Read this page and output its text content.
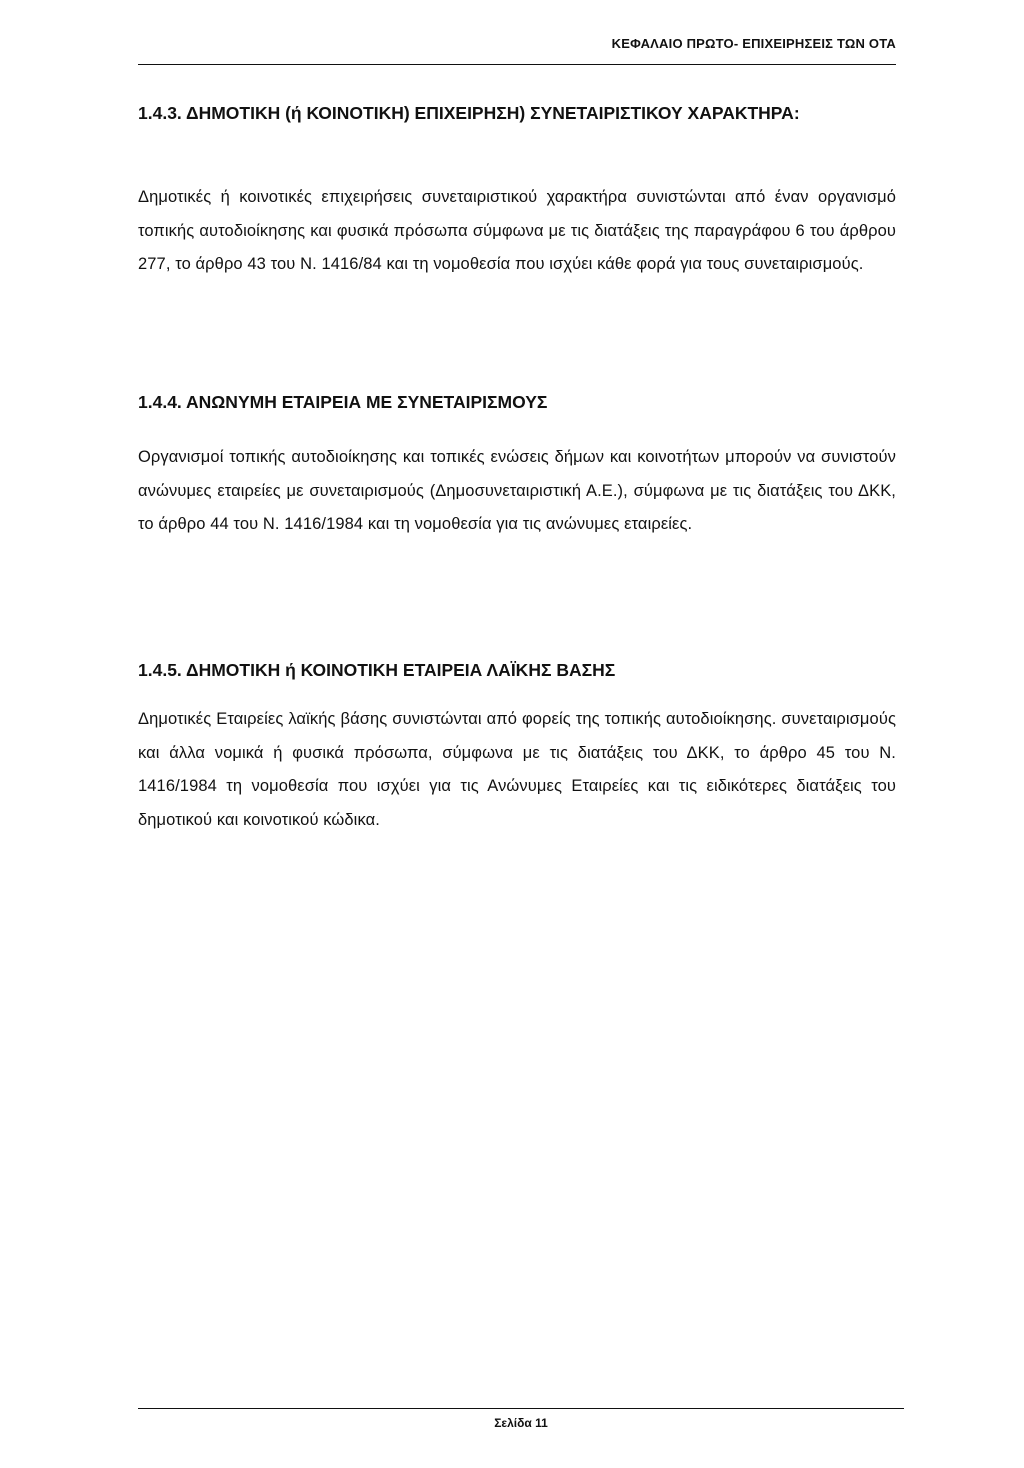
ΚΕΦΑΛΑΙΟ ΠΡΩΤΟ- ΕΠΙΧΕΙΡΗΣΕΙΣ ΤΩΝ ΟΤΑ
1.4.3. ΔΗΜΟΤΙΚΗ (ή ΚΟΙΝΟΤΙΚΗ) ΕΠΙΧΕΙΡΗΣΗ) ΣΥΝΕΤΑΙΡΙΣΤΙΚΟΥ ΧΑΡΑΚΤΗΡΑ:

Δημοτικές ή κοινοτικές επιχειρήσεις συνεταιριστικού χαρακτήρα συνιστώνται από έναν οργανισμό τοπικής αυτοδιοίκησης και φυσικά πρόσωπα σύμφωνα με τις διατάξεις της παραγράφου 6 του άρθρου 277, το άρθρο 43 του Ν. 1416/84 και τη νομοθεσία που ισχύει κάθε φορά για τους συνεταιρισμούς.

1.4.4. ΑΝΩΝΥΜΗ ΕΤΑΙΡΕΙΑ ΜΕ ΣΥΝΕΤΑΙΡΙΣΜΟΥΣ

Οργανισμοί τοπικής αυτοδιοίκησης και τοπικές ενώσεις δήμων και κοινοτήτων μπορούν να συνιστούν ανώνυμες εταιρείες με συνεταιρισμούς (Δημοσυνεταιριστική Α.Ε.), σύμφωνα με τις διατάξεις του ΔΚΚ, το άρθρο 44 του Ν. 1416/1984 και τη νομοθεσία για τις ανώνυμες εταιρείες.

1.4.5. ΔΗΜΟΤΙΚΗ ή ΚΟΙΝΟΤΙΚΗ ΕΤΑΙΡΕΙΑ ΛΑΪΚΗΣ ΒΑΣΗΣ

Δημοτικές Εταιρείες λαϊκής βάσης συνιστώνται από φορείς της τοπικής αυτοδιοίκησης. συνεταιρισμούς και άλλα νομικά ή φυσικά πρόσωπα, σύμφωνα με τις διατάξεις του ΔΚΚ, το άρθρο 45 του Ν. 1416/1984 τη νομοθεσία που ισχύει για τις Ανώνυμες Εταιρείες και τις ειδικότερες διατάξεις του δημοτικού και κοινοτικού κώδικα.

Σελίδα 11
